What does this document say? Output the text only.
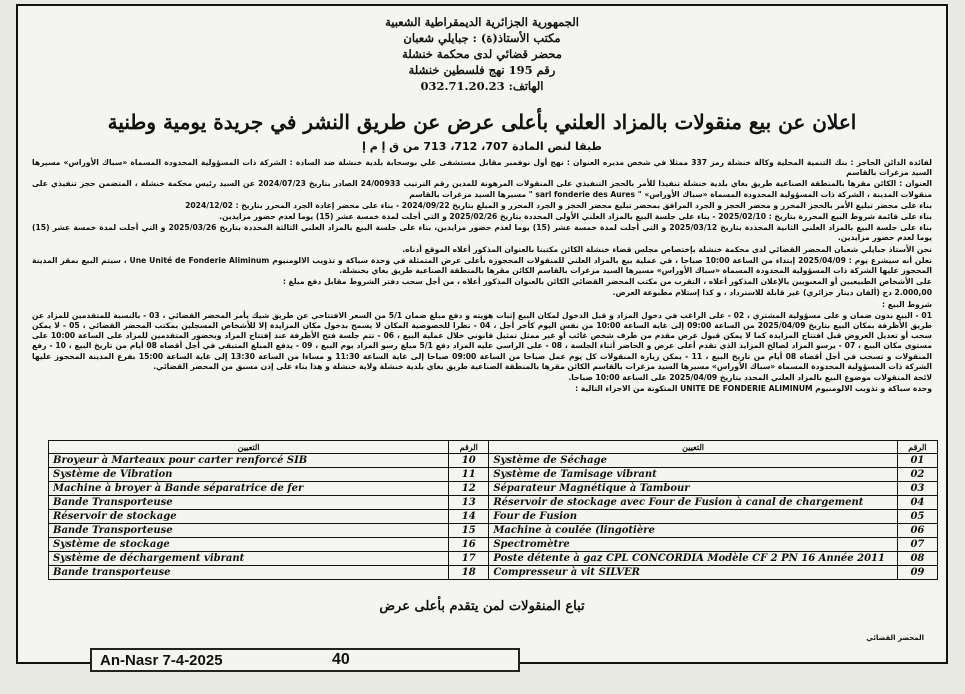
الجمهورية الجزائرية الديمقراطية الشعبية
مكتب الأستاذ(ة) : جبايلي شعبان
محضر قضائي لدى محكمة خنشلة
رقم 195 نهج فلسطين خنشلة
الهاتف: 032.71.20.23
اعلان عن بيع منقولات بالمزاد العلني بأعلى عرض عن طريق النشر في جريدة يومية وطنية
طبقا لنص المادة 707، 712، 713 من ق إ م إ

لفائدة الدائن الحاجز : بنك التنمية المحلية وكالة خنشلة رمز 337 ممثلا في شخص مديره العنوان : نهج أول نوفمبر مقابل مستشفى علي بوسحابة بلدية خنشلة ضد السادة : الشركة ذات المسؤولية المحدودة المسماة «سباك الأوراس» مسيرها السيد مزغرات بالقاسم

العنوان : الكائن مقرها بالمنطقة الصناعية طريق بغاي بلدية خنشلة تنفيذا للأمر بالحجز التنفيذي على المنقولات المرهونة للمدين رقم الترتيب 24/00933 الصادر بتاريخ 2024/07/23 عن السيد رئيس محكمة خنشلة ، المتضمن حجز تنفيذي على منقولات المدينة ، الشركة ذات المسؤولية المحدودة المسماة «سباك الأوراس» " sarl fonderie des Aures " مسيرها السيد مزغرات بالقاسم

بناء على محضر تبليغ الأمر بالحجز المحرر و محضر الحجز و الجرد المرافق بمحضر تبليغ محضر الحجز و الجرد المحرر و المبلغ بتاريخ 2024/09/22 - بناء على محضر إعادة الجرد المحرر بتاريخ : 2024/12/02

بناء على قائمة شروط البيع المحررة بتاريخ : 2025/02/10 - بناء على جلسة البيع بالمزاد العلني الأولى المحددة بتاريخ 2025/02/26 و التي أجلت لمدة خمسة عشر (15) يوما لعدم حضور مزايدين.

بناء على جلسة البيع بالمزاد العلني الثانية المحددة بتاريخ 2025/03/12 و التي أجلت لمدة خمسة عشر (15) يوما لعدم حضور مزايدين، بناء على جلسة البيع بالمزاد العلني الثالثة المحددة بتاريخ 2025/03/26 و التي أجلت لمدة خمسة عشر (15) يوما لعدم حضور مزايدين.

نحن الأستاذ جبايلي شعبان المحضر القضائي لدى محكمة خنشلة بإختصاص مجلس قضاء خنشلة الكائن مكتبنا بالعنوان المذكور أعلاه الموقع أدناه.

نعلن أنه سيشرع يوم : 2025/04/09 إبتداء من الساعة 10:00 صباحا ، في عملية بيع بالمزاد العلني للمنقولات المحجوزة بأعلى عرض المتمثلة في وحدة سباكة و تذويب الالومنيوم Une Unité de Fonderie Aliminum ، سيتم البيع بمقر المدينة المحجوز عليها الشركة ذات المسؤولية المحدودة المسماة «سباك الأوراس» مسيرها السيد مزغرات بالقاسم الكائن مقرها بالمنطقة الصناعية طريق بغاي بخنشلة.

على الأشخاص الطبيعيين أو المعنويين بالإعلان المذكور أعلاه ، التقرب من مكتب المحضر القضائي الكائن بالعنوان المذكور أعلاه ، من أجل سحب دفتر الشروط مقابل دفع مبلغ :

2.000,00 دج (ألفان دينار جزائري) غير قابلة للاسترداد ، و كذا إستلام مطبوعة العرض.

شروط البيع :

01 - البيع بدون ضمان و على مسؤولية المشتري ، 02 - على الراغب في دخول المزاد و قبل الدخول لمكان البيع إثبات هويته و دفع مبلغ ضمان 5/1 من السعر الافتتاحي عن طريق شيك يأمر المحضر القضائي ، 03 - بالنسبة للمتقدمين للمزاد عن طريق الأظرفة بمكان البيع بتاريخ 2025/04/09 من الساعة 09:00 إلى غاية الساعة 10:00 من نفس اليوم كأخر أجل ، 04 - نظرا للخصوصية المكان لا يسمح بدخول مكان المزايدة إلا للأشخاص المسجلين بمكتب المحضر القضائي ، 05 - لا يمكن سحب أو تعديل العروض قبل افتتاح المزايدة كما لا يمكن قبول عرض مقدم من طرف شخص غائب أو غير ممثل تمثيل قانوني خلال عملية البيع ، 06 - تتم جلسة فتح الأظرفة عند إفتتاح المزاد وبحضور المتقدمين للمزاد على الساعة 10:00 على مستوى مكان البيع ، 07 - يرسو المزاد لصالح المزايد الذي تقدم أعلى عرض و الحاضر أثناء الجلسة ، 08 - على الراسي عليه المزاد دفع 5/1 مبلغ رسو المزاد يوم البيع ، 09 - يدفع المبلغ المتبقي في أجل أقصاه 08 أيام من تاريخ البيع ، 10 - رفع المنقولات و تسحب في أجل أقصاه 08 أيام من تاريخ البيع ، 11 - يمكن زيارة المنقولات كل يوم عمل صباحا من الساعة 09:00 صباحا إلى غاية الساعة 11:30 و مساءا من الساعة 13:30 إلى غاية الساعة 15:00 بفرع المدينة المحجوز عليها الشركة ذات المسؤولية المحدودة المسماة «سباك الأوراس» مسيرها السيد مزغرات بالقاسم الكائن مقرها بالمنطقة الصناعية طريق بغاي بلدية خنشلة ولاية خنشلة و هذا بناء على إذن مسبق من المحضر القضائي.

لائحة المنقولات موضوع البيع بالمزاد العلني المحدد بتاريخ 2025/04/09 على الساعة 10:00 صباحا.

وحدة سباكة و تذويب الالومنيوم UNITE DE FONDERIE ALIMINUM المتكونة من الاجزاء التالية :

التعيين	الرقم	التعيين	الرقم
Broyeur à Marteaux pour carter renforcé SIB	10	Système de Séchage	01
Système de Vibration	11	Système de Tamisage vibrant	02
Machine à broyer à Bande séparatrice de fer	12	Séparateur Magnétique à Tambour	03
Bande Transporteuse	13	Réservoir de stockage avec Four de Fusion à canal de chargement	04
Réservoir de stockage	14	Four de Fusion	05
Bande Transporteuse	15	Machine à coulée (lingotière	06
Système de stockage	16	Spectromètre	07
Système de déchargement vibrant	17	Poste détente à gaz CPL CONCORDIA Modèle CF 2 PN 16 Année 2011	08
Bande transporteuse	18	Compresseur à vit SILVER	09
تباع المنقولات لمن يتقدم بأعلى عرض
المحضر القضائي
An-Nasr 7-4-2025	40
